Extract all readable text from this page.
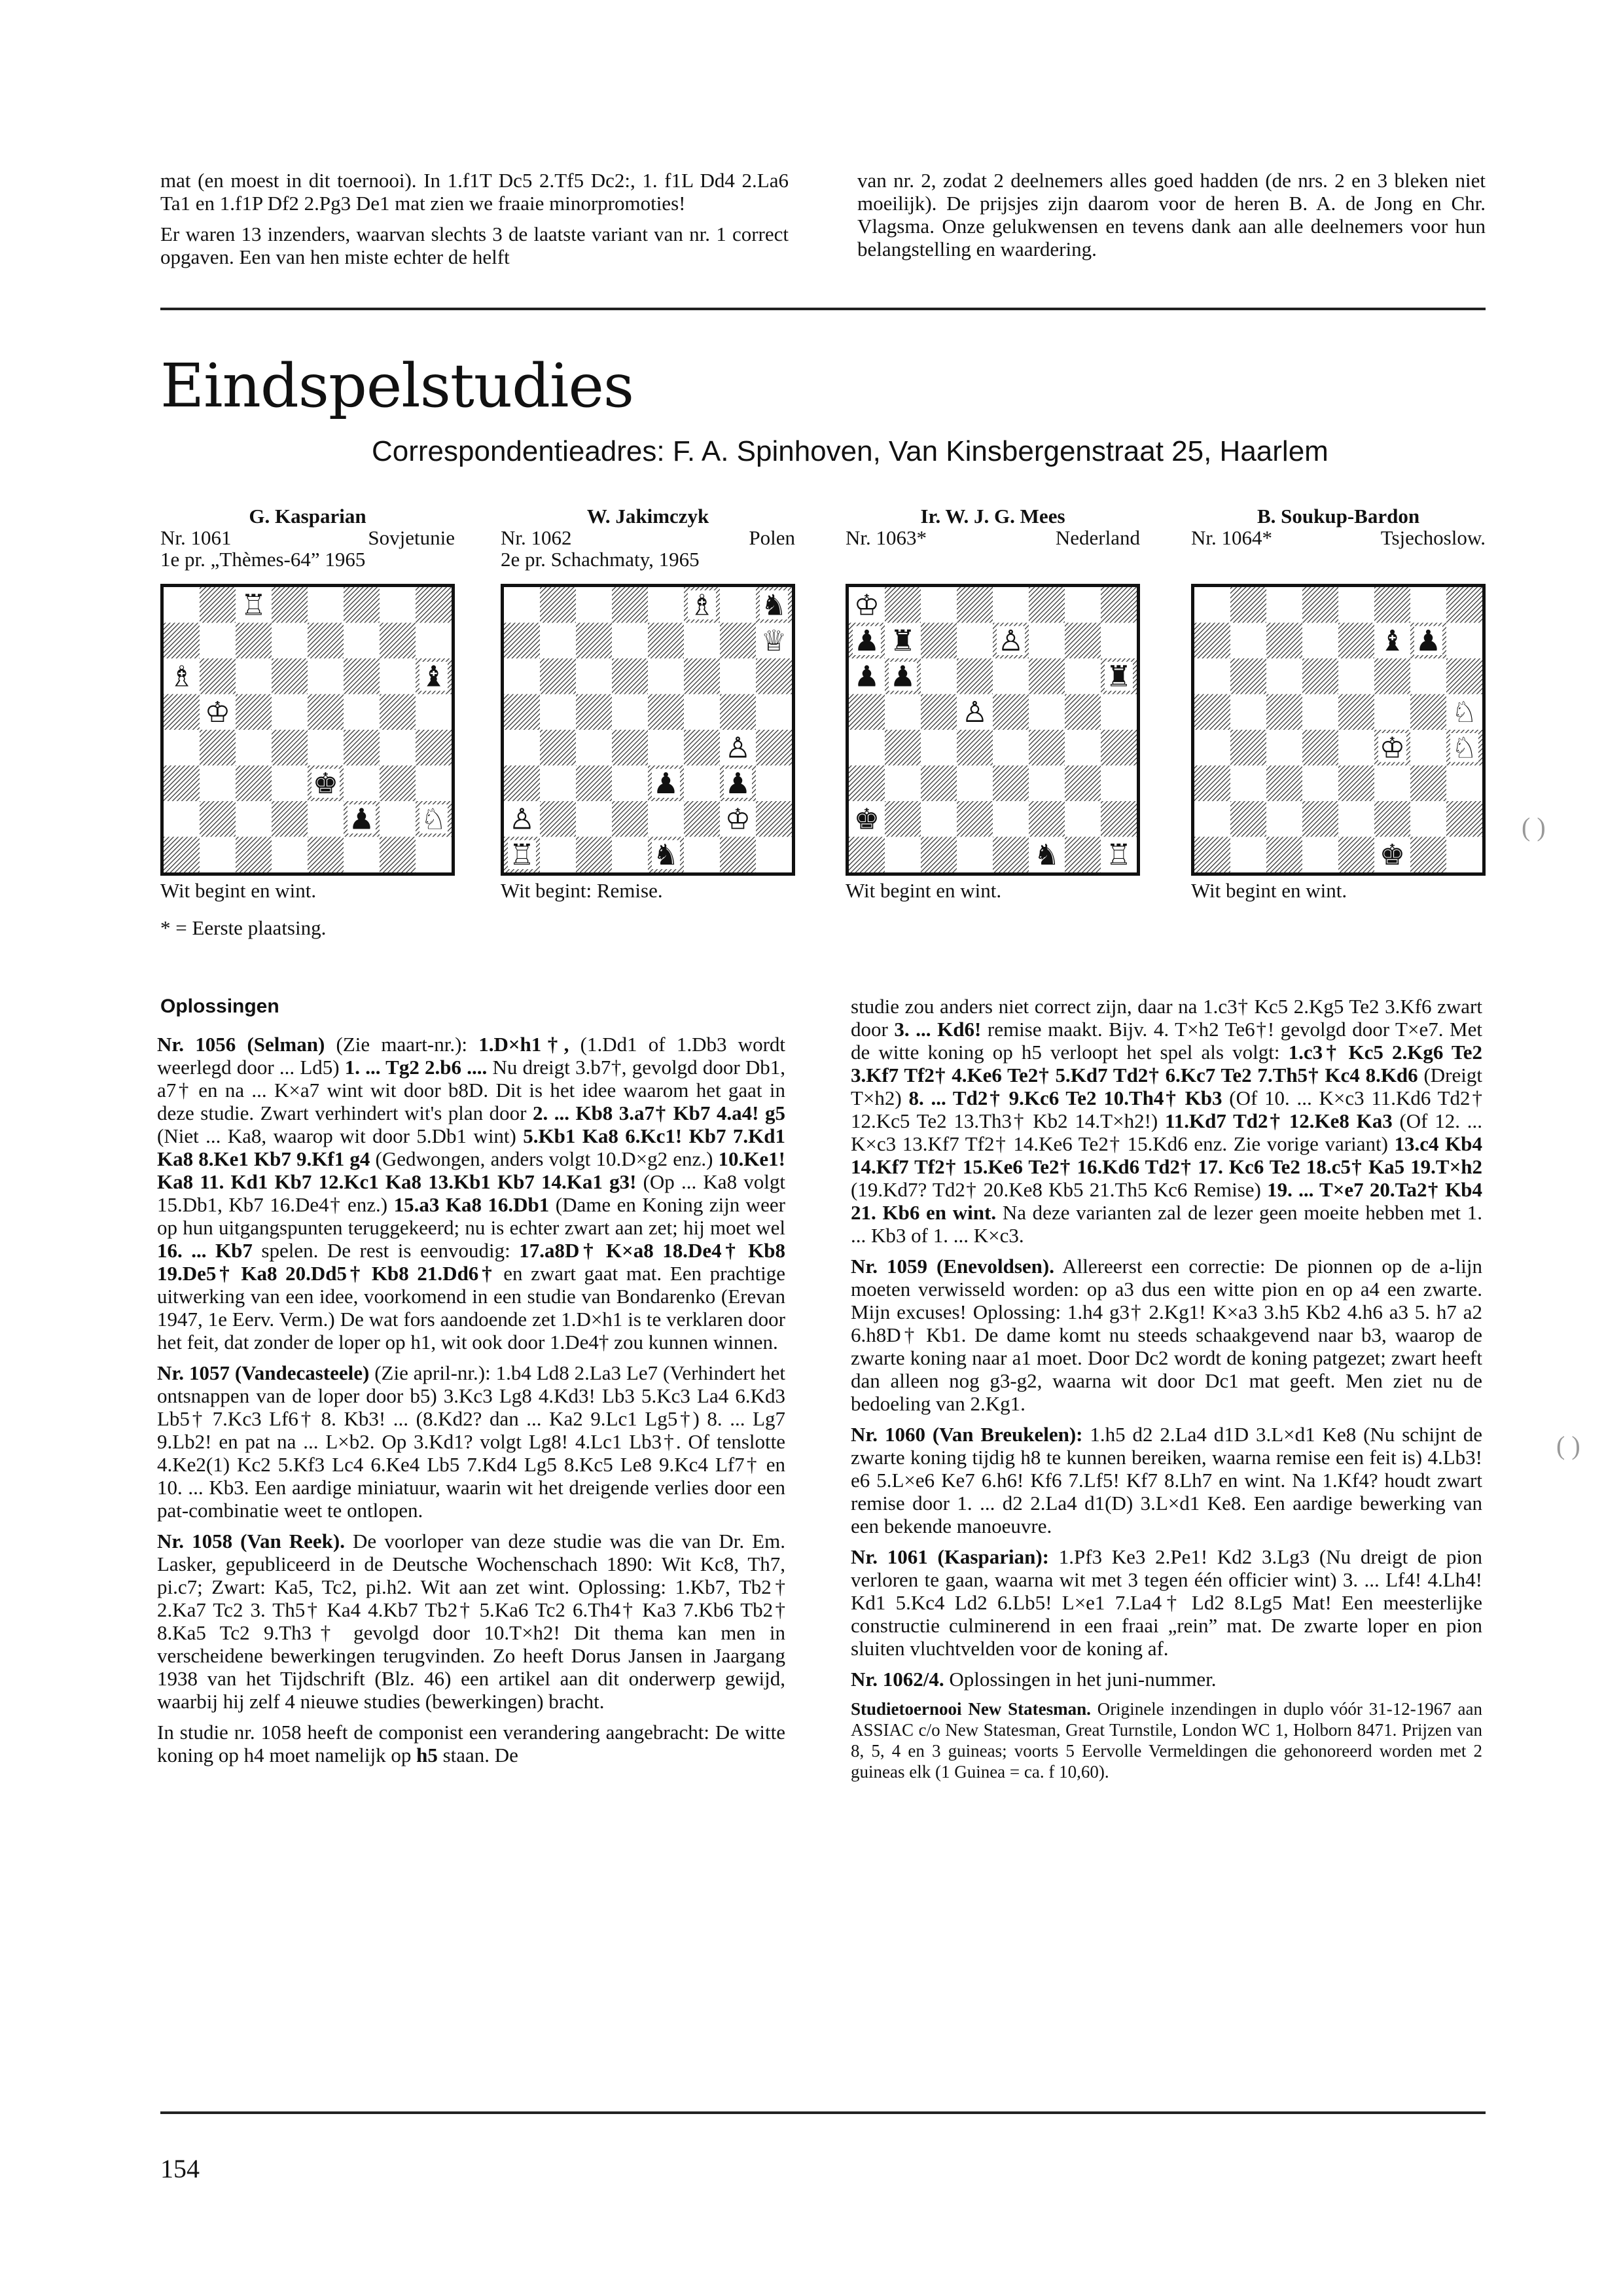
mat (en moest in dit toernooi). In 1.f1T Dc5 2.Tf5 Dc2:, 1. f1L Dd4 2.La6 Ta1 en 1.f1P Df2 2.Pg3 De1 mat zien we fraaie minorpromoties!
Er waren 13 inzenders, waarvan slechts 3 de laatste variant van nr. 1 correct opgaven. Een van hen miste echter de helft
van nr. 2, zodat 2 deelnemers alles goed hadden (de nrs. 2 en 3 bleken niet moeilijk). De prijsjes zijn daarom voor de heren B. A. de Jong en Chr. Vlagsma. Onze gelukwensen en tevens dank aan alle deelnemers voor hun belangstelling en waardering.
Eindspelstudies
Correspondentieadres: F. A. Spinhoven, Van Kinsbergenstraat 25, Haarlem
G. Kasparian
Nr. 1061	Sovjetunie
1e pr. „Thèmes-64” 1965
♖
♗	♝
♔
♚
♟ ♘
Wit begint en wint.
W. Jakimczyk
Nr. 1062	Polen
2e pr. Schachmaty, 1965
♗ ♞
♕
♙
♟ ♟
♙	♔
♖	♞
Wit begint: Remise.
Ir. W. J. G. Mees
Nr. 1063*	Nederland
♔
♟ ♜	♙
♟ ♟	♜
♙
♚
♞ ♖
Wit begint en wint.
B. Soukup-Bardon
Nr. 1064*	Tsjechoslow.
♝ ♟
♘
♔ ♘
♚
Wit begint en wint.
* = Eerste plaatsing.
Oplossingen
Nr. 1056 (Selman) (Zie maart-nr.): 1.D×h1†, (1.Dd1 of 1.Db3 wordt weerlegd door ... Ld5) 1. ... Tg2 2.b6 .... Nu dreigt 3.b7†, gevolgd door Db1, a7† en na ... K×a7 wint wit door b8D. Dit is het idee waarom het gaat in deze studie. Zwart verhindert wit's plan door 2. ... Kb8 3.a7† Kb7 4.a4! g5 (Niet ... Ka8, waarop wit door 5.Db1 wint) 5.Kb1 Ka8 6.Kc1! Kb7 7.Kd1 Ka8 8.Ke1 Kb7 9.Kf1 g4 (Gedwongen, anders volgt 10.D×g2 enz.) 10.Ke1! Ka8 11. Kd1 Kb7 12.Kc1 Ka8 13.Kb1 Kb7 14.Ka1 g3! (Op ... Ka8 volgt 15.Db1, Kb7 16.De4† enz.) 15.a3 Ka8 16.Db1 (Dame en Koning zijn weer op hun uitgangspunten teruggekeerd; nu is echter zwart aan zet; hij moet wel 16. ... Kb7 spelen. De rest is eenvoudig: 17.a8D† K×a8 18.De4† Kb8 19.De5† Ka8 20.Dd5† Kb8 21.Dd6† en zwart gaat mat. Een prachtige uitwerking van een idee, voorkomend in een studie van Bondarenko (Erevan 1947, 1e Eerv. Verm.) De wat fors aandoende zet 1.D×h1 is te verklaren door het feit, dat zonder de loper op h1, wit ook door 1.De4† zou kunnen winnen.
Nr. 1057 (Vandecasteele) (Zie april-nr.): 1.b4 Ld8 2.La3 Le7 (Verhindert het ontsnappen van de loper door b5) 3.Kc3 Lg8 4.Kd3! Lb3 5.Kc3 La4 6.Kd3 Lb5† 7.Kc3 Lf6† 8. Kb3! ... (8.Kd2? dan ... Ka2 9.Lc1 Lg5†) 8. ... Lg7 9.Lb2! en pat na ... L×b2. Op 3.Kd1? volgt Lg8! 4.Lc1 Lb3†. Of tenslotte 4.Ke2(1) Kc2 5.Kf3 Lc4 6.Ke4 Lb5 7.Kd4 Lg5 8.Kc5 Le8 9.Kc4 Lf7† en 10. ... Kb3. Een aardige miniatuur, waarin wit het dreigende verlies door een pat-combinatie weet te ontlopen.
Nr. 1058 (Van Reek). De voorloper van deze studie was die van Dr. Em. Lasker, gepubliceerd in de Deutsche Wochenschach 1890: Wit Kc8, Th7, pi.c7; Zwart: Ka5, Tc2, pi.h2. Wit aan zet wint. Oplossing: 1.Kb7, Tb2† 2.Ka7 Tc2 3. Th5† Ka4 4.Kb7 Tb2† 5.Ka6 Tc2 6.Th4† Ka3 7.Kb6 Tb2† 8.Ka5 Tc2 9.Th3† gevolgd door 10.T×h2! Dit thema kan men in verscheidene bewerkingen terugvinden. Zo heeft Dorus Jansen in Jaargang 1938 van het Tijdschrift (Blz. 46) een artikel aan dit onderwerp gewijd, waarbij hij zelf 4 nieuwe studies (bewerkingen) bracht.
In studie nr. 1058 heeft de componist een verandering aangebracht: De witte koning op h4 moet namelijk op h5 staan. De
studie zou anders niet correct zijn, daar na 1.c3† Kc5 2.Kg5 Te2 3.Kf6 zwart door 3. ... Kd6! remise maakt. Bijv. 4. T×h2 Te6†! gevolgd door T×e7. Met de witte koning op h5 verloopt het spel als volgt: 1.c3† Kc5 2.Kg6 Te2 3.Kf7 Tf2† 4.Ke6 Te2† 5.Kd7 Td2† 6.Kc7 Te2 7.Th5† Kc4 8.Kd6 (Dreigt T×h2) 8. ... Td2† 9.Kc6 Te2 10.Th4† Kb3 (Of 10. ... K×c3 11.Kd6 Td2† 12.Kc5 Te2 13.Th3† Kb2 14.T×h2!) 11.Kd7 Td2† 12.Ke8 Ka3 (Of 12. ... K×c3 13.Kf7 Tf2† 14.Ke6 Te2† 15.Kd6 enz. Zie vorige variant) 13.c4 Kb4 14.Kf7 Tf2† 15.Ke6 Te2† 16.Kd6 Td2† 17. Kc6 Te2 18.c5† Ka5 19.T×h2 (19.Kd7? Td2† 20.Ke8 Kb5 21.Th5 Kc6 Remise) 19. ... T×e7 20.Ta2† Kb4 21. Kb6 en wint. Na deze varianten zal de lezer geen moeite hebben met 1. ... Kb3 of 1. ... K×c3.
Nr. 1059 (Enevoldsen). Allereerst een correctie: De pionnen op de a-lijn moeten verwisseld worden: op a3 dus een witte pion en op a4 een zwarte. Mijn excuses! Oplossing: 1.h4 g3† 2.Kg1! K×a3 3.h5 Kb2 4.h6 a3 5. h7 a2 6.h8D† Kb1. De dame komt nu steeds schaakgevend naar b3, waarop de zwarte koning naar a1 moet. Door Dc2 wordt de koning patgezet; zwart heeft dan alleen nog g3-g2, waarna wit door Dc1 mat geeft. Men ziet nu de bedoeling van 2.Kg1.
Nr. 1060 (Van Breukelen): 1.h5 d2 2.La4 d1D 3.L×d1 Ke8 (Nu schijnt de zwarte koning tijdig h8 te kunnen bereiken, waarna remise een feit is) 4.Lb3! e6 5.L×e6 Ke7 6.h6! Kf6 7.Lf5! Kf7 8.Lh7 en wint. Na 1.Kf4? houdt zwart remise door 1. ... d2 2.La4 d1(D) 3.L×d1 Ke8. Een aardige bewerking van een bekende manoeuvre.
Nr. 1061 (Kasparian): 1.Pf3 Ke3 2.Pe1! Kd2 3.Lg3 (Nu dreigt de pion verloren te gaan, waarna wit met 3 tegen één officier wint) 3. ... Lf4! 4.Lh4! Kd1 5.Kc4 Ld2 6.Lb5! L×e1 7.La4† Ld2 8.Lg5 Mat! Een meesterlijke constructie culminerend in een fraai „rein” mat. De zwarte loper en pion sluiten vluchtvelden voor de koning af.
Nr. 1062/4. Oplossingen in het juni-nummer.
Studietoernooi New Statesman. Originele inzendingen in duplo vóór 31-12-1967 aan ASSIAC c/o New Statesman, Great Turnstile, London WC 1, Holborn 8471. Prijzen van 8, 5, 4 en 3 guineas; voorts 5 Eervolle Vermeldingen die gehonoreerd worden met 2 guineas elk (1 Guinea = ca. f 10,60).
154
( )
( )
